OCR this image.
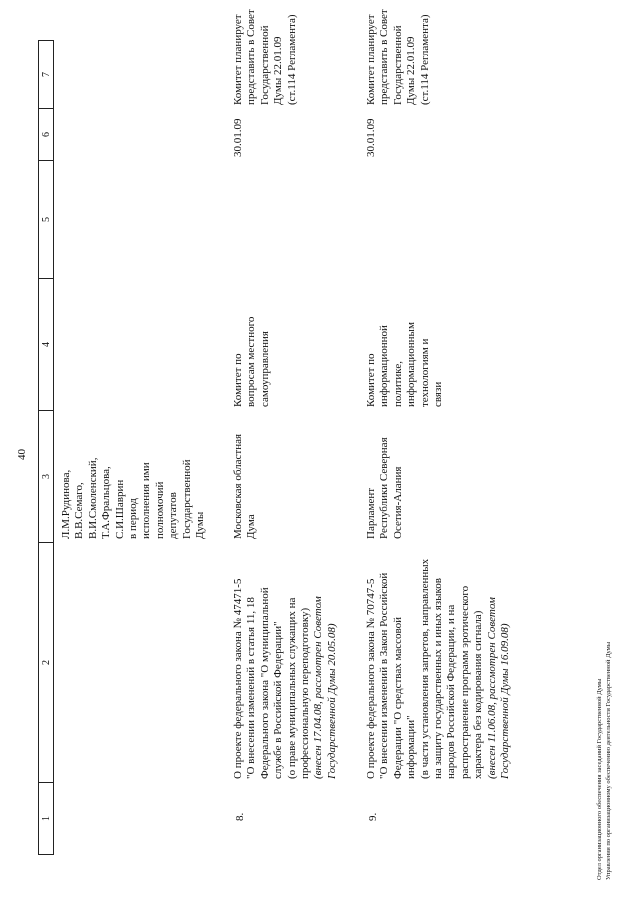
40
1
2
3
4
5
6
7
Л.М.Рудинова, В.В.Семаго, В.И.Смоленский, Т.А.Фральцова, С.И.Шаврин в период исполнения ими полномочий депутатов Государственной Думы
8.
О проекте федерального закона № 47471-5 "О внесении изменений в статья 11, 18 Федерального закона "О муниципальной службе в Российской Федерации" (о праве муниципальных служащих на профессиональную переподготовку) (внесен 17.04.08, рассмотрен Советом Государственной Думы 20.05.08)
Московская областная Дума
Комитет по вопросам местного самоуправления
30.01.09
Комитет планирует представить в Совет Государственной Думы 22.01.09 (ст.114 Регламента)
9.
О проекте федерального закона № 70747-5 "О внесении изменений в Закон Российской Федерации "О средствах массовой информации" (в части установления запретов, направленных на защиту государственных и иных языков народов Российской Федерации, и на распространение программ эротического характера без кодирования сигнала) (внесен 11.06.08, рассмотрен Советом Государственной Думы 16.09.08)
Парламент Республики Северная Осетия-Алания
Комитет по информационной политике, информационным технологиям и связи
30.01.09
Комитет планирует представить в Совет Государственной Думы 22.01.09 (ст.114 Регламента)
Отдел организационного обеспечения заседаний Государственной Думы Управления по организационному обеспечению деятельности Государственной Думы
